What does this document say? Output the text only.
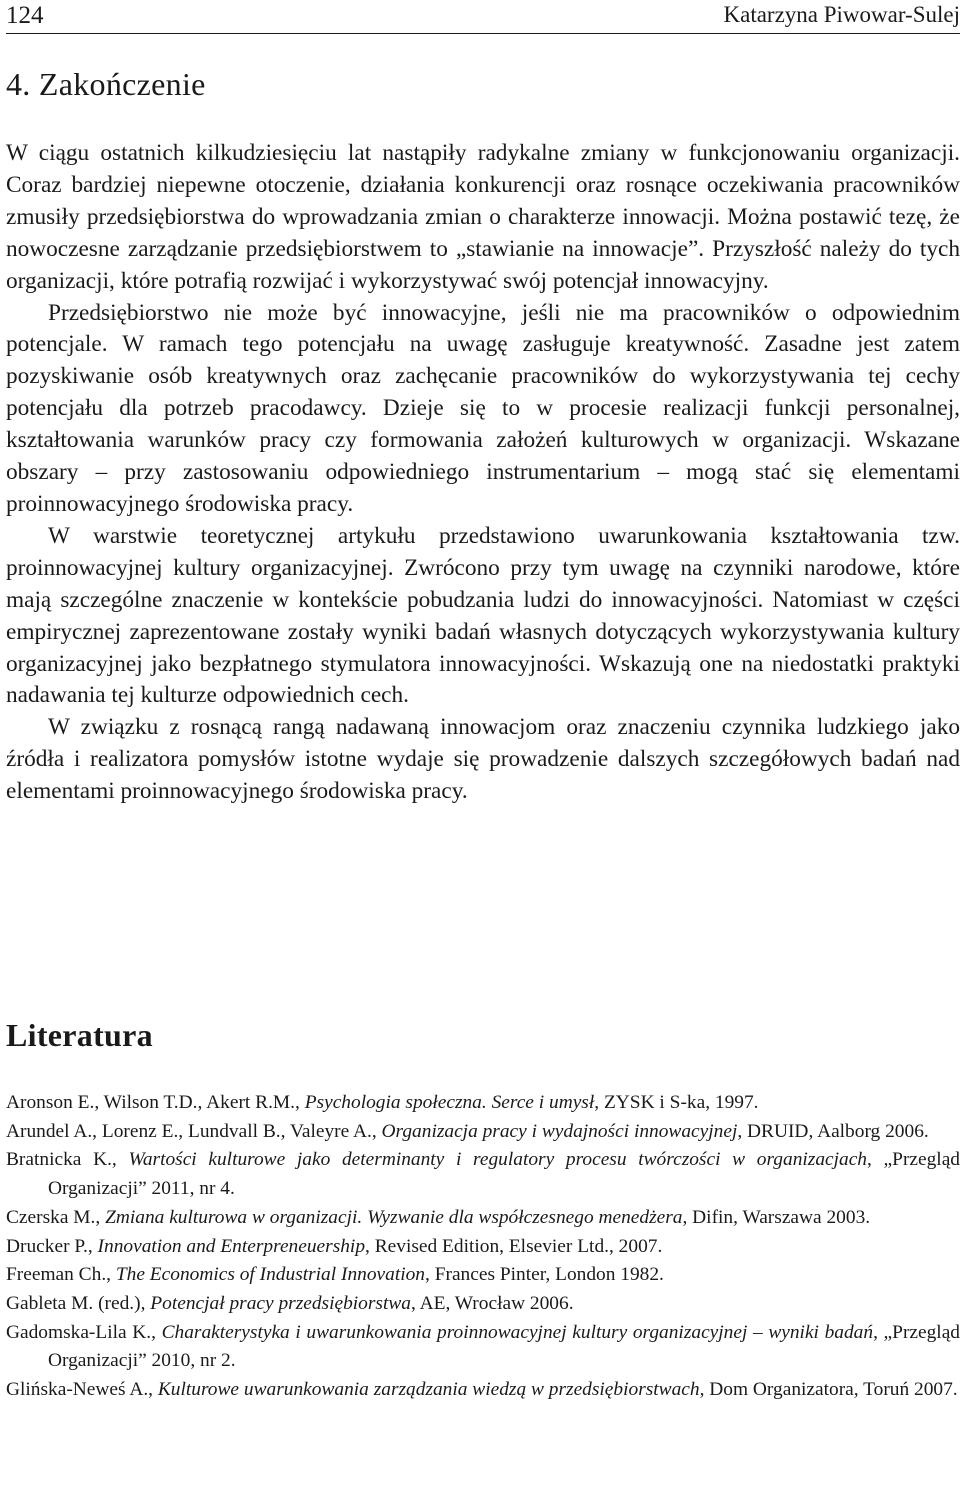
124	Katarzyna Piwowar-Sulej
4. Zakończenie

W ciągu ostatnich kilkudziesięciu lat nastąpiły radykalne zmiany w funkcjonowaniu organizacji. Coraz bardziej niepewne otoczenie, działania konkurencji oraz rosnące oczekiwania pracowników zmusiły przedsiębiorstwa do wprowadzania zmian o charakterze innowacji. Można postawić tezę, że nowoczesne zarządzanie przedsiębiorstwem to „stawianie na innowacje”. Przyszłość należy do tych organizacji, które potrafią rozwijać i wykorzystywać swój potencjał innowacyjny.

Przedsiębiorstwo nie może być innowacyjne, jeśli nie ma pracowników o odpowiednim potencjale. W ramach tego potencjału na uwagę zasługuje kreatywność. Zasadne jest zatem pozyskiwanie osób kreatywnych oraz zachęcanie pracowników do wykorzystywania tej cechy potencjału dla potrzeb pracodawcy. Dzieje się to w procesie realizacji funkcji personalnej, kształtowania warunków pracy czy formowania założeń kulturowych w organizacji. Wskazane obszary – przy zastosowaniu odpowiedniego instrumentarium – mogą stać się elementami proinnowacyjnego środowiska pracy.

W warstwie teoretycznej artykułu przedstawiono uwarunkowania kształtowania tzw. proinnowacyjnej kultury organizacyjnej. Zwrócono przy tym uwagę na czynniki narodowe, które mają szczególne znaczenie w kontekście pobudzania ludzi do innowacyjności. Natomiast w części empirycznej zaprezentowane zostały wyniki badań własnych dotyczących wykorzystywania kultury organizacyjnej jako bezpłatnego stymulatora innowacyjności. Wskazują one na niedostatki praktyki nadawania tej kulturze odpowiednich cech.

W związku z rosnącą rangą nadawaną innowacjom oraz znaczeniu czynnika ludzkiego jako źródła i realizatora pomysłów istotne wydaje się prowadzenie dalszych szczegółowych badań nad elementami proinnowacyjnego środowiska pracy.

Literatura

Aronson E., Wilson T.D., Akert R.M., Psychologia społeczna. Serce i umysł, ZYSK i S-ka, 1997.

Arundel A., Lorenz E., Lundvall B., Valeyre A., Organizacja pracy i wydajności innowacyjnej, DRUID, Aalborg 2006.

Bratnicka K., Wartości kulturowe jako determinanty i regulatory procesu twórczości w organizacjach, „Przegląd Organizacji” 2011, nr 4.

Czerska M., Zmiana kulturowa w organizacji. Wyzwanie dla współczesnego menedżera, Difin, Warszawa 2003.

Drucker P., Innovation and Enterpreneuership, Revised Edition, Elsevier Ltd., 2007.

Freeman Ch., The Economics of Industrial Innovation, Frances Pinter, London 1982.

Gableta M. (red.), Potencjał pracy przedsiębiorstwa, AE, Wrocław 2006.

Gadomska-Lila K., Charakterystyka i uwarunkowania proinnowacyjnej kultury organizacyjnej – wyniki badań, „Przegląd Organizacji” 2010, nr 2.

Glińska-Neweś A., Kulturowe uwarunkowania zarządzania wiedzą w przedsiębiorstwach, Dom Organizatora, Toruń 2007.
